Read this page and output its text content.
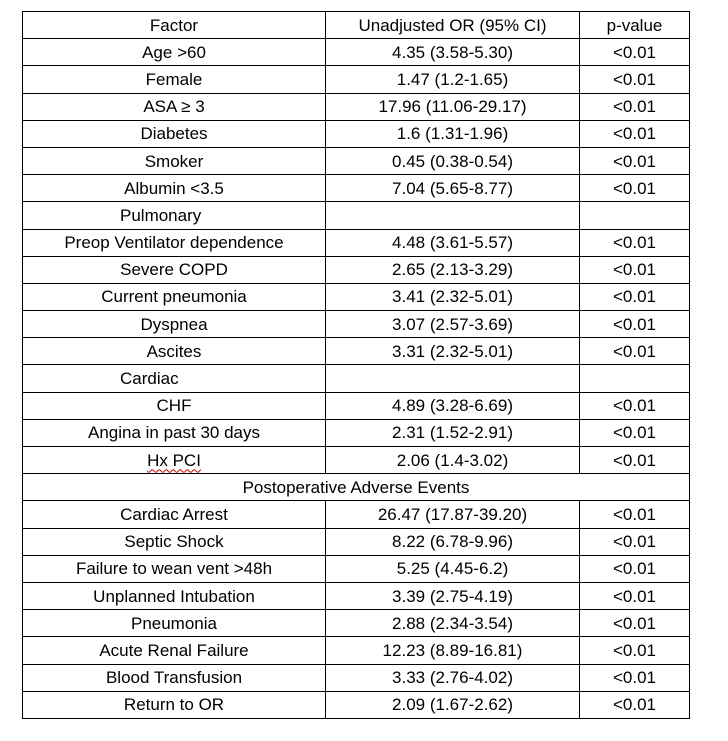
Factor	Unadjusted OR (95% CI)	p-value
Age >60	4.35 (3.58-5.30)	<0.01
Female	1.47 (1.2-1.65)	<0.01
ASA ≥ 3	17.96 (11.06-29.17)	<0.01
Diabetes	1.6 (1.31-1.96)	<0.01
Smoker	0.45 (0.38-0.54)	<0.01
Albumin <3.5	7.04 (5.65-8.77)	<0.01
Pulmonary		
Preop Ventilator dependence	4.48 (3.61-5.57)	<0.01
Severe COPD	2.65 (2.13-3.29)	<0.01
Current pneumonia	3.41 (2.32-5.01)	<0.01
Dyspnea	3.07 (2.57-3.69)	<0.01
Ascites	3.31 (2.32-5.01)	<0.01
Cardiac		
CHF	4.89 (3.28-6.69)	<0.01
Angina in past 30 days	2.31 (1.52-2.91)	<0.01
Hx PCI	2.06 (1.4-3.02)	<0.01
Postoperative Adverse Events		
Cardiac Arrest	26.47 (17.87-39.20)	<0.01
Septic Shock	8.22 (6.78-9.96)	<0.01
Failure to wean vent >48h	5.25 (4.45-6.2)	<0.01
Unplanned Intubation	3.39 (2.75-4.19)	<0.01
Pneumonia	2.88 (2.34-3.54)	<0.01
Acute Renal Failure	12.23 (8.89-16.81)	<0.01
Blood Transfusion	3.33 (2.76-4.02)	<0.01
Return to OR	2.09 (1.67-2.62)	<0.01
